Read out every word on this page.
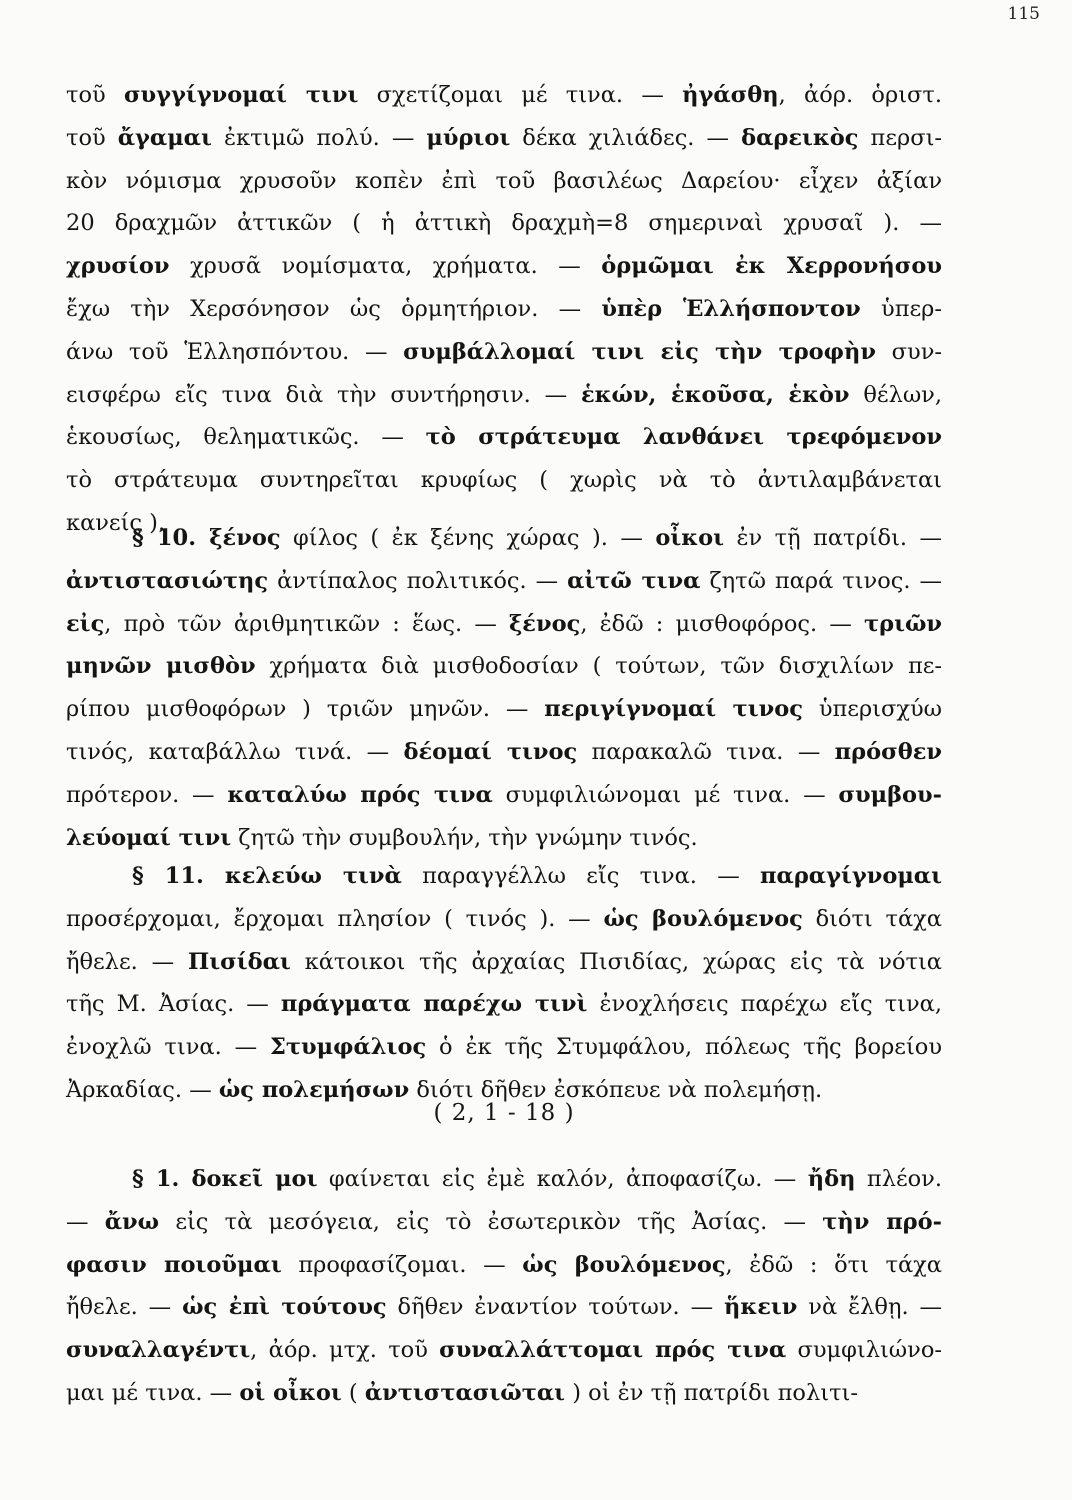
115
τοῦ συγγίγνομαί τινι σχετίζομαι μέ τινα. — ἠγάσθη, ἀόρ. ὁριστ.
τοῦ ἄγαμαι ἐκτιμῶ πολύ. — μύριοι δέκα χιλιάδες. — δαρεικὸς περσι-
κὸν νόμισμα χρυσοῦν κοπὲν ἐπὶ τοῦ βασιλέως Δαρείου· εἶχεν ἀξίαν
20 δραχμῶν ἀττικῶν ( ἡ ἀττικὴ δραχμὴ=8 σημεριναὶ χρυσαῖ ). —
χρυσίον χρυσᾶ νομίσματα, χρήματα. — ὁρμῶμαι ἐκ Χερρονήσου
ἔχω τὴν Χερσόνησον ὡς ὁρμητήριον. — ὑπὲρ Ἑλλήσποντον ὑπερ-
άνω τοῦ Ἑλλησπόντου. — συμβάλλομαί τινι εἰς τὴν τροφὴν συν-
εισφέρω εἴς τινα διὰ τὴν συντήρησιν. — ἑκών, ἑκοῦσα, ἑκὸν θέλων,
ἑκουσίως, θεληματικῶς. — τὸ στράτευμα λανθάνει τρεφόμενον
τὸ στράτευμα συντηρεῖται κρυφίως ( χωρὶς νὰ τὸ ἀντιλαμβάνεται
κανείς ).
§ 10. ξένος φίλος ( ἐκ ξένης χώρας ). — οἶκοι ἐν τῇ πατρίδι. —
ἀντιστασιώτης ἀντίπαλος πολιτικός. — αἰτῶ τινα ζητῶ παρά τινος. —
εἰς, πρὸ τῶν ἀριθμητικῶν : ἕως. — ξένος, ἐδῶ : μισθοφόρος. — τριῶν
μηνῶν μισθὸν χρήματα διὰ μισθοδοσίαν ( τούτων, τῶν δισχιλίων πε-
ρίπου μισθοφόρων ) τριῶν μηνῶν. — περιγίγνομαί τινος ὑπερισχύω
τινός, καταβάλλω τινά. — δέομαί τινος παρακαλῶ τινα. — πρόσθεν
πρότερον. — καταλύω πρός τινα συμφιλιώνομαι μέ τινα. — συμβου-
λεύομαί τινι ζητῶ τὴν συμβουλήν, τὴν γνώμην τινός.
§ 11. κελεύω τινὰ παραγγέλλω εἴς τινα. — παραγίγνομαι
προσέρχομαι, ἔρχομαι πλησίον ( τινός ). — ὡς βουλόμενος διότι τάχα
ἤθελε. — Πισίδαι κάτοικοι τῆς ἀρχαίας Πισιδίας, χώρας εἰς τὰ νότια
τῆς Μ. Ἀσίας. — πράγματα παρέχω τινὶ ἐνοχλήσεις παρέχω εἴς τινα,
ἐνοχλῶ τινα. — Στυμφάλιος ὁ ἐκ τῆς Στυμφάλου, πόλεως τῆς βορείου
Ἀρκαδίας. — ὡς πολεμήσων διότι δῆθεν ἐσκόπευε νὰ πολεμήσῃ.
( 2, 1 - 18 )
§ 1. δοκεῖ μοι φαίνεται εἰς ἐμὲ καλόν, ἀποφασίζω. — ἤδη πλέον.
— ἄνω εἰς τὰ μεσόγεια, εἰς τὸ ἐσωτερικὸν τῆς Ἀσίας. — τὴν πρό-
φασιν ποιοῦμαι προφασίζομαι. — ὡς βουλόμενος, ἐδῶ : ὅτι τάχα
ἤθελε. — ὡς ἐπὶ τούτους δῆθεν ἐναντίον τούτων. — ἥκειν νὰ ἔλθῃ. —
συναλλαγέντι, ἀόρ. μτχ. τοῦ συναλλάττομαι πρός τινα συμφιλιώνο-
μαι μέ τινα. — οἱ οἶκοι ( ἀντιστασιῶται ) οἱ ἐν τῇ πατρίδι πολιτι-
